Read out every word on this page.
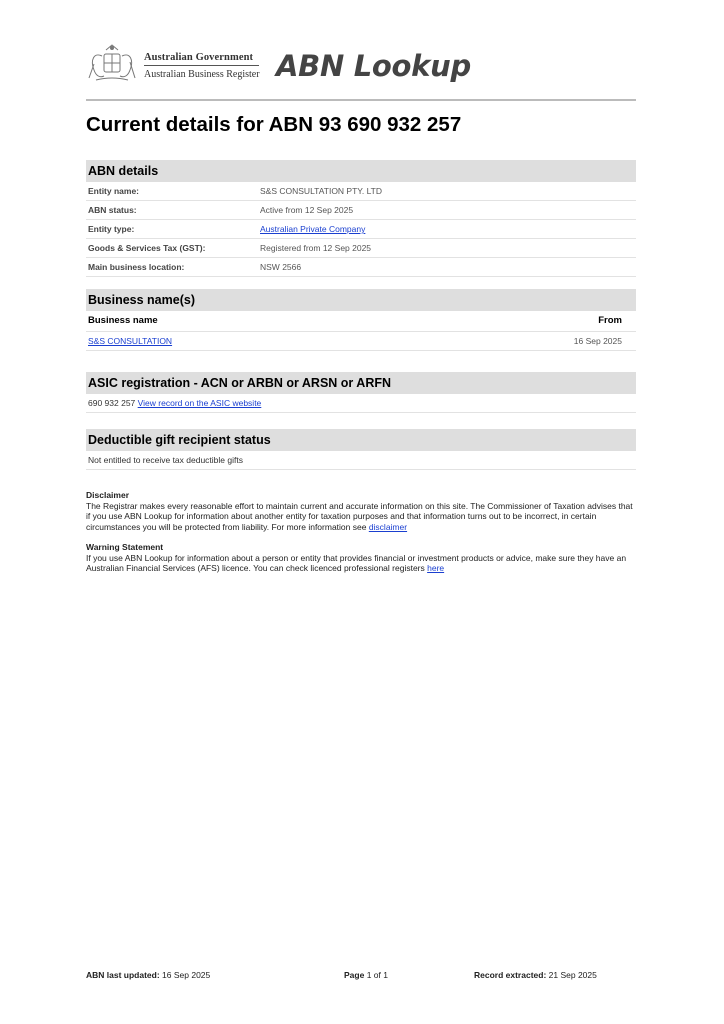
Australian Government
Australian Business Register ABN Lookup
Current details for ABN 93 690 932 257
ABN details
Entity name:	S&S CONSULTATION PTY. LTD
ABN status:	Active from 12 Sep 2025
Entity type:	Australian Private Company
Goods & Services Tax (GST):	Registered from 12 Sep 2025
Main business location:	NSW 2566
Business name(s)
Business name	From
S&S CONSULTATION	16 Sep 2025
ASIC registration - ACN or ARBN or ARSN or ARFN
690 932 257 View record on the ASIC website
Deductible gift recipient status
Not entitled to receive tax deductible gifts
Disclaimer
The Registrar makes every reasonable effort to maintain current and accurate information on this site. The Commissioner of Taxation advises that if you use ABN Lookup for information about another entity for taxation purposes and that information turns out to be incorrect, in certain circumstances you will be protected from liability. For more information see disclaimer
Warning Statement
If you use ABN Lookup for information about a person or entity that provides financial or investment products or advice, make sure they have an Australian Financial Services (AFS) licence. You can check licenced professional registers here
ABN last updated: 16 Sep 2025	Page 1 of 1	Record extracted: 21 Sep 2025
